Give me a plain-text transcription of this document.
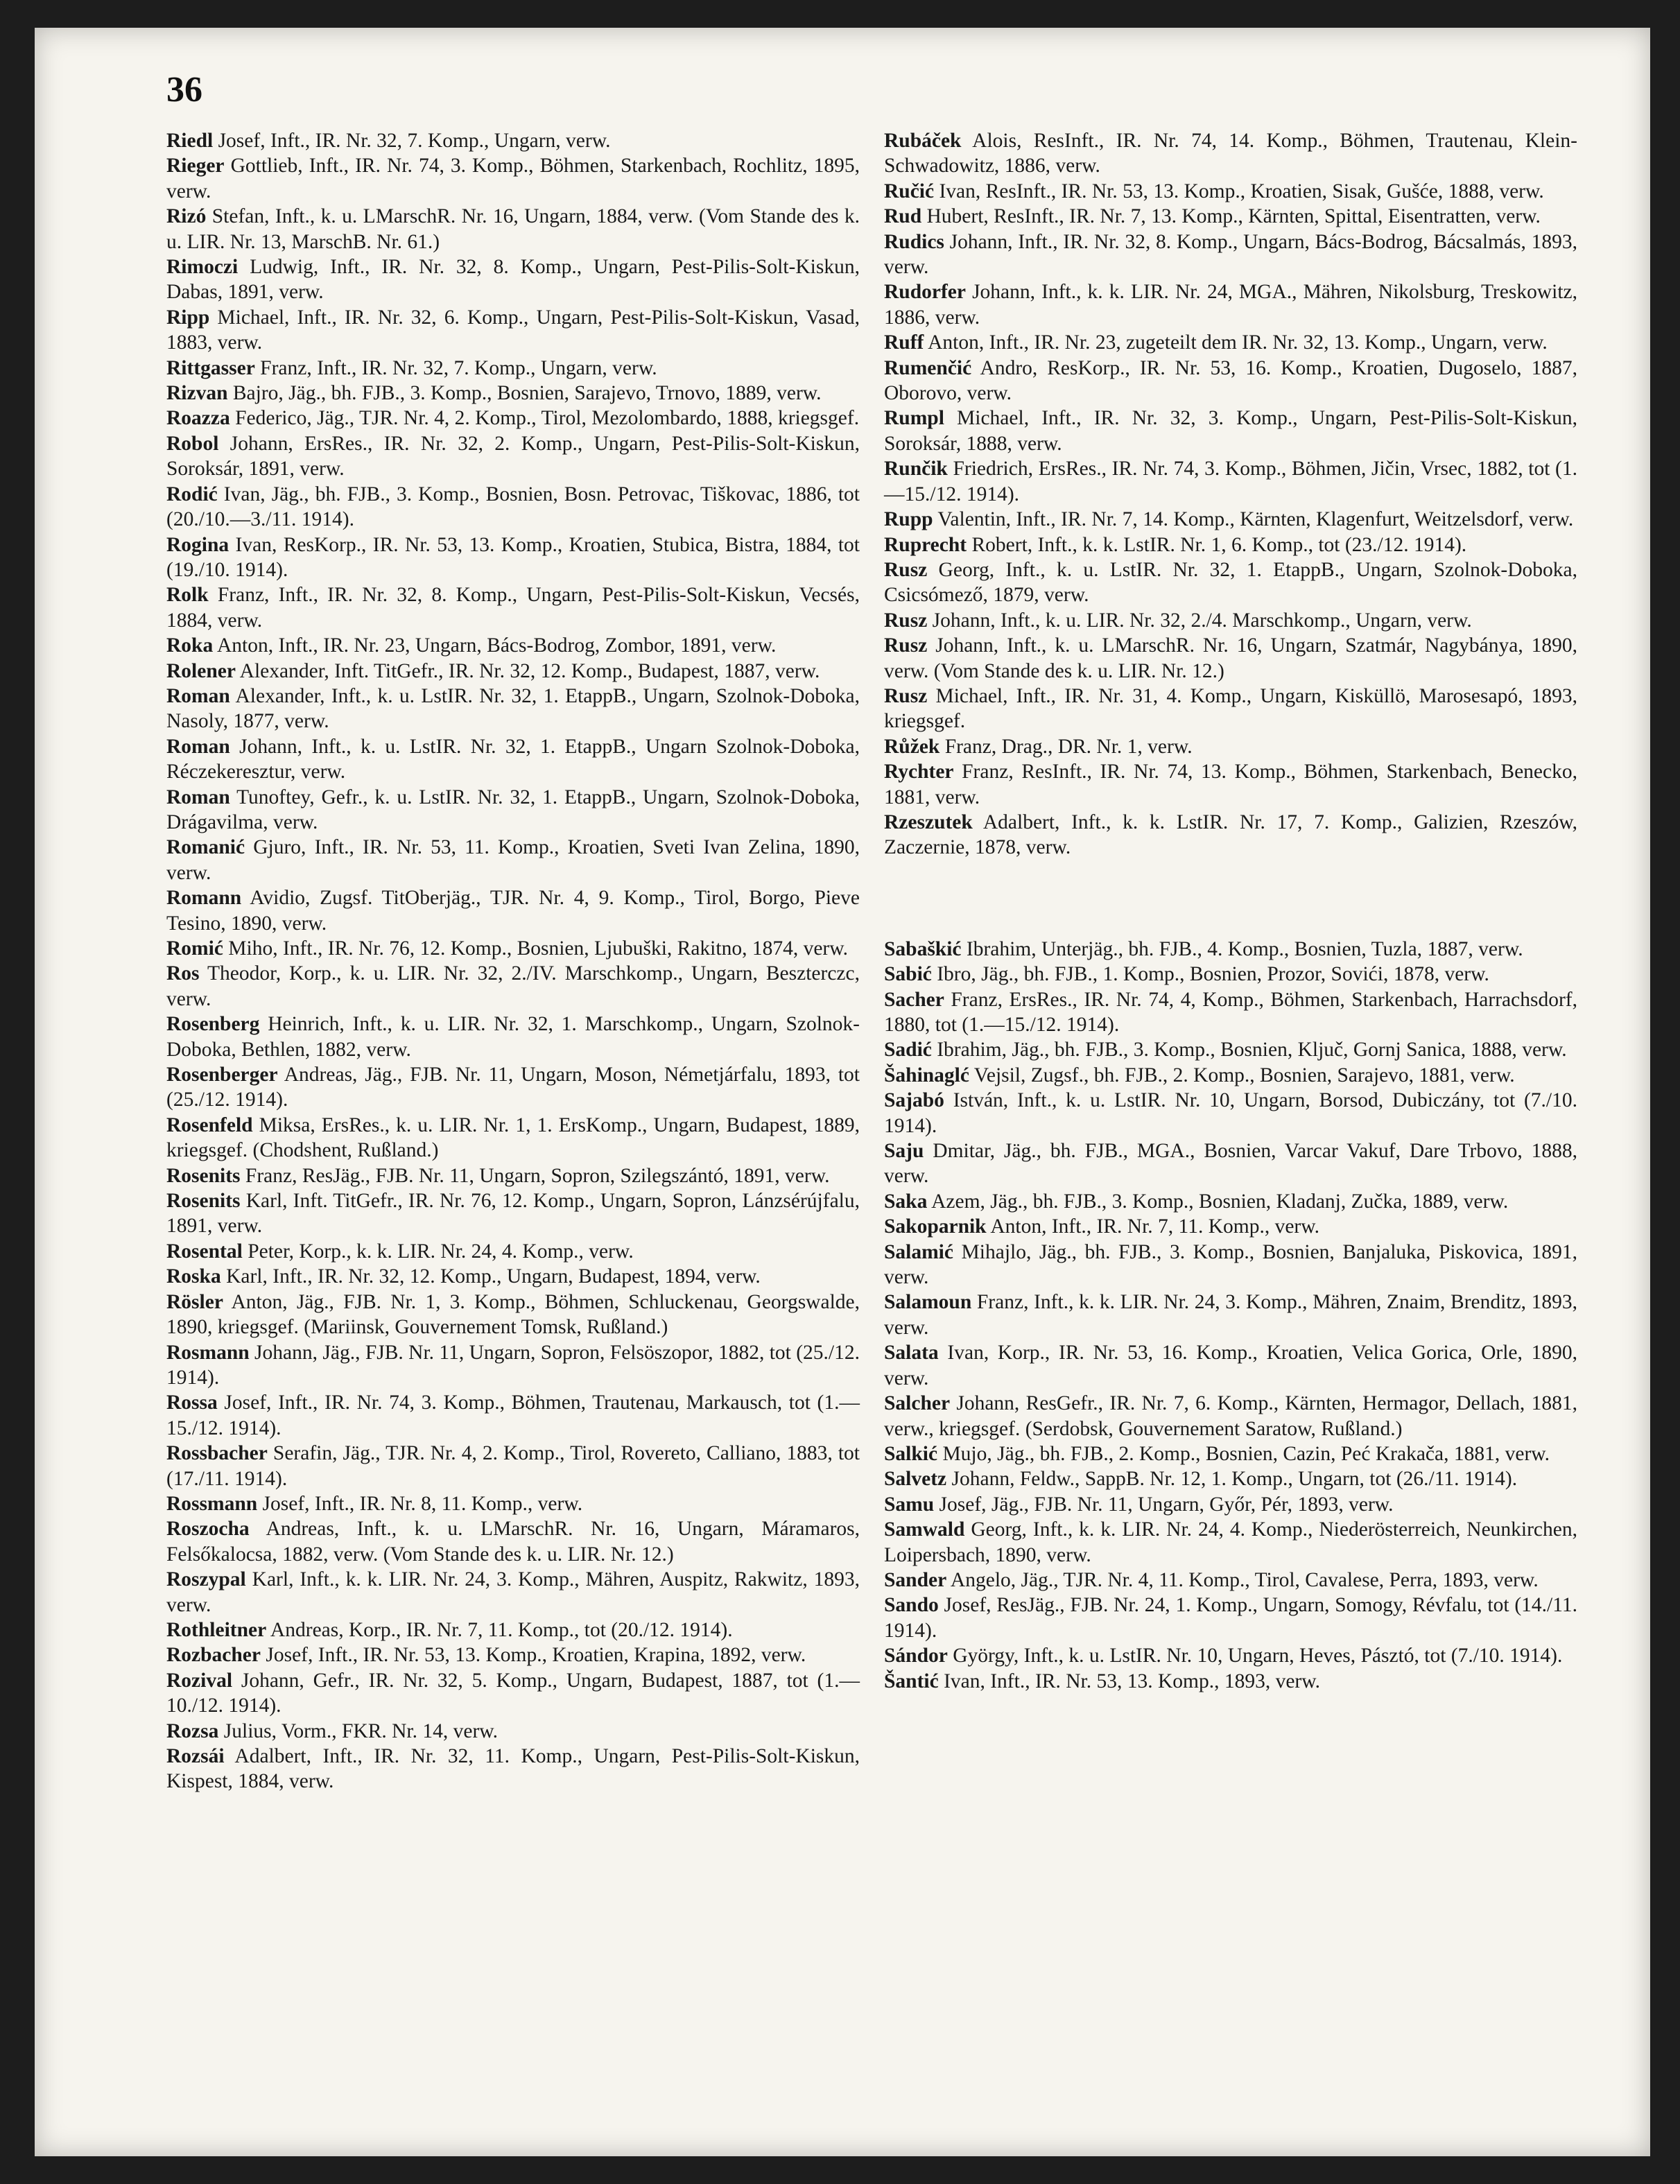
36

Riedl Josef, Inft., IR. Nr. 32, 7. Komp., Ungarn, verw.

Rieger Gottlieb, Inft., IR. Nr. 74, 3. Komp., Böhmen, Starkenbach, Rochlitz, 1895, verw.

Rizó Stefan, Inft., k. u. LMarschR. Nr. 16, Ungarn, 1884, verw. (Vom Stande des k. u. LIR. Nr. 13, MarschB. Nr. 61.)

Rimoczi Ludwig, Inft., IR. Nr. 32, 8. Komp., Ungarn, Pest-Pilis-Solt-Kiskun, Dabas, 1891, verw.

Ripp Michael, Inft., IR. Nr. 32, 6. Komp., Ungarn, Pest-Pilis-Solt-Kiskun, Vasad, 1883, verw.

Rittgasser Franz, Inft., IR. Nr. 32, 7. Komp., Ungarn, verw.

Rizvan Bajro, Jäg., bh. FJB., 3. Komp., Bosnien, Sarajevo, Trnovo, 1889, verw.

Roazza Federico, Jäg., TJR. Nr. 4, 2. Komp., Tirol, Mezolombardo, 1888, kriegsgef.

Robol Johann, ErsRes., IR. Nr. 32, 2. Komp., Ungarn, Pest-Pilis-Solt-Kiskun, Soroksár, 1891, verw.

Rodić Ivan, Jäg., bh. FJB., 3. Komp., Bosnien, Bosn. Petrovac, Tiškovac, 1886, tot (20./10.—3./11. 1914).

Rogina Ivan, ResKorp., IR. Nr. 53, 13. Komp., Kroatien, Stubica, Bistra, 1884, tot (19./10. 1914).

Rolk Franz, Inft., IR. Nr. 32, 8. Komp., Ungarn, Pest-Pilis-Solt-Kiskun, Vecsés, 1884, verw.

Roka Anton, Inft., IR. Nr. 23, Ungarn, Bács-Bodrog, Zombor, 1891, verw.

Rolener Alexander, Inft. TitGefr., IR. Nr. 32, 12. Komp., Budapest, 1887, verw.

Roman Alexander, Inft., k. u. LstIR. Nr. 32, 1. EtappB., Ungarn, Szolnok-Doboka, Nasoly, 1877, verw.

Roman Johann, Inft., k. u. LstIR. Nr. 32, 1. EtappB., Ungarn Szolnok-Doboka, Réczekeresztur, verw.

Roman Tunoftey, Gefr., k. u. LstIR. Nr. 32, 1. EtappB., Ungarn, Szolnok-Doboka, Drágavilma, verw.

Romanić Gjuro, Inft., IR. Nr. 53, 11. Komp., Kroatien, Sveti Ivan Zelina, 1890, verw.

Romann Avidio, Zugsf. TitOberjäg., TJR. Nr. 4, 9. Komp., Tirol, Borgo, Pieve Tesino, 1890, verw.

Romić Miho, Inft., IR. Nr. 76, 12. Komp., Bosnien, Ljubuški, Rakitno, 1874, verw.

Ros Theodor, Korp., k. u. LIR. Nr. 32, 2./IV. Marschkomp., Ungarn, Beszterczc, verw.

Rosenberg Heinrich, Inft., k. u. LIR. Nr. 32, 1. Marschkomp., Ungarn, Szolnok-Doboka, Bethlen, 1882, verw.

Rosenberger Andreas, Jäg., FJB. Nr. 11, Ungarn, Moson, Németjárfalu, 1893, tot (25./12. 1914).

Rosenfeld Miksa, ErsRes., k. u. LIR. Nr. 1, 1. ErsKomp., Ungarn, Budapest, 1889, kriegsgef. (Chodshent, Rußland.)

Rosenits Franz, ResJäg., FJB. Nr. 11, Ungarn, Sopron, Szilegszántó, 1891, verw.

Rosenits Karl, Inft. TitGefr., IR. Nr. 76, 12. Komp., Ungarn, Sopron, Lánzsérújfalu, 1891, verw.

Rosental Peter, Korp., k. k. LIR. Nr. 24, 4. Komp., verw.

Roska Karl, Inft., IR. Nr. 32, 12. Komp., Ungarn, Budapest, 1894, verw.

Rösler Anton, Jäg., FJB. Nr. 1, 3. Komp., Böhmen, Schluckenau, Georgswalde, 1890, kriegsgef. (Mariinsk, Gouvernement Tomsk, Rußland.)

Rosmann Johann, Jäg., FJB. Nr. 11, Ungarn, Sopron, Felsöszopor, 1882, tot (25./12. 1914).

Rossa Josef, Inft., IR. Nr. 74, 3. Komp., Böhmen, Trautenau, Markausch, tot (1.—15./12. 1914).

Rossbacher Serafin, Jäg., TJR. Nr. 4, 2. Komp., Tirol, Rovereto, Calliano, 1883, tot (17./11. 1914).

Rossmann Josef, Inft., IR. Nr. 8, 11. Komp., verw.

Roszocha Andreas, Inft., k. u. LMarschR. Nr. 16, Ungarn, Máramaros, Felsőkalocsa, 1882, verw. (Vom Stande des k. u. LIR. Nr. 12.)

Roszypal Karl, Inft., k. k. LIR. Nr. 24, 3. Komp., Mähren, Auspitz, Rakwitz, 1893, verw.

Rothleitner Andreas, Korp., IR. Nr. 7, 11. Komp., tot (20./12. 1914).

Rozbacher Josef, Inft., IR. Nr. 53, 13. Komp., Kroatien, Krapina, 1892, verw.

Rozival Johann, Gefr., IR. Nr. 32, 5. Komp., Ungarn, Budapest, 1887, tot (1.—10./12. 1914).

Rozsa Julius, Vorm., FKR. Nr. 14, verw.

Rozsái Adalbert, Inft., IR. Nr. 32, 11. Komp., Ungarn, Pest-Pilis-Solt-Kiskun, Kispest, 1884, verw.

Rubáček Alois, ResInft., IR. Nr. 74, 14. Komp., Böhmen, Trautenau, Klein-Schwadowitz, 1886, verw.

Ručić Ivan, ResInft., IR. Nr. 53, 13. Komp., Kroatien, Sisak, Gušće, 1888, verw.

Rud Hubert, ResInft., IR. Nr. 7, 13. Komp., Kärnten, Spittal, Eisentratten, verw.

Rudics Johann, Inft., IR. Nr. 32, 8. Komp., Ungarn, Bács-Bodrog, Bácsalmás, 1893, verw.

Rudorfer Johann, Inft., k. k. LIR. Nr. 24, MGA., Mähren, Nikolsburg, Treskowitz, 1886, verw.

Ruff Anton, Inft., IR. Nr. 23, zugeteilt dem IR. Nr. 32, 13. Komp., Ungarn, verw.

Rumenčić Andro, ResKorp., IR. Nr. 53, 16. Komp., Kroatien, Dugoselo, 1887, Oborovo, verw.

Rumpl Michael, Inft., IR. Nr. 32, 3. Komp., Ungarn, Pest-Pilis-Solt-Kiskun, Soroksár, 1888, verw.

Runčik Friedrich, ErsRes., IR. Nr. 74, 3. Komp., Böhmen, Jičin, Vrsec, 1882, tot (1.—15./12. 1914).

Rupp Valentin, Inft., IR. Nr. 7, 14. Komp., Kärnten, Klagenfurt, Weitzelsdorf, verw.

Ruprecht Robert, Inft., k. k. LstIR. Nr. 1, 6. Komp., tot (23./12. 1914).

Rusz Georg, Inft., k. u. LstIR. Nr. 32, 1. EtappB., Ungarn, Szolnok-Doboka, Csicsómező, 1879, verw.

Rusz Johann, Inft., k. u. LIR. Nr. 32, 2./4. Marschkomp., Ungarn, verw.

Rusz Johann, Inft., k. u. LMarschR. Nr. 16, Ungarn, Szatmár, Nagybánya, 1890, verw. (Vom Stande des k. u. LIR. Nr. 12.)

Rusz Michael, Inft., IR. Nr. 31, 4. Komp., Ungarn, Kisküllö, Marosesapó, 1893, kriegsgef.

Růžek Franz, Drag., DR. Nr. 1, verw.

Rychter Franz, ResInft., IR. Nr. 74, 13. Komp., Böhmen, Starkenbach, Benecko, 1881, verw.

Rzeszutek Adalbert, Inft., k. k. LstIR. Nr. 17, 7. Komp., Galizien, Rzeszów, Zaczernie, 1878, verw.

Sabaškić Ibrahim, Unterjäg., bh. FJB., 4. Komp., Bosnien, Tuzla, 1887, verw.

Sabić Ibro, Jäg., bh. FJB., 1. Komp., Bosnien, Prozor, Sovići, 1878, verw.

Sacher Franz, ErsRes., IR. Nr. 74, 4, Komp., Böhmen, Starkenbach, Harrachsdorf, 1880, tot (1.—15./12. 1914).

Sadić Ibrahim, Jäg., bh. FJB., 3. Komp., Bosnien, Ključ, Gornj Sanica, 1888, verw.

Šahinaglć Vejsil, Zugsf., bh. FJB., 2. Komp., Bosnien, Sarajevo, 1881, verw.

Sajabó István, Inft., k. u. LstIR. Nr. 10, Ungarn, Borsod, Dubiczány, tot (7./10. 1914).

Saju Dmitar, Jäg., bh. FJB., MGA., Bosnien, Varcar Vakuf, Dare Trbovo, 1888, verw.

Saka Azem, Jäg., bh. FJB., 3. Komp., Bosnien, Kladanj, Zučka, 1889, verw.

Sakoparnik Anton, Inft., IR. Nr. 7, 11. Komp., verw.

Salamić Mihajlo, Jäg., bh. FJB., 3. Komp., Bosnien, Banjaluka, Piskovica, 1891, verw.

Salamoun Franz, Inft., k. k. LIR. Nr. 24, 3. Komp., Mähren, Znaim, Brenditz, 1893, verw.

Salata Ivan, Korp., IR. Nr. 53, 16. Komp., Kroatien, Velica Gorica, Orle, 1890, verw.

Salcher Johann, ResGefr., IR. Nr. 7, 6. Komp., Kärnten, Hermagor, Dellach, 1881, verw., kriegsgef. (Serdobsk, Gouvernement Saratow, Rußland.)

Salkić Mujo, Jäg., bh. FJB., 2. Komp., Bosnien, Cazin, Peć Krakača, 1881, verw.

Salvetz Johann, Feldw., SappB. Nr. 12, 1. Komp., Ungarn, tot (26./11. 1914).

Samu Josef, Jäg., FJB. Nr. 11, Ungarn, Győr, Pér, 1893, verw.

Samwald Georg, Inft., k. k. LIR. Nr. 24, 4. Komp., Niederösterreich, Neunkirchen, Loipersbach, 1890, verw.

Sander Angelo, Jäg., TJR. Nr. 4, 11. Komp., Tirol, Cavalese, Perra, 1893, verw.

Sando Josef, ResJäg., FJB. Nr. 24, 1. Komp., Ungarn, Somogy, Révfalu, tot (14./11. 1914).

Sándor György, Inft., k. u. LstIR. Nr. 10, Ungarn, Heves, Pásztó, tot (7./10. 1914).

Šantić Ivan, Inft., IR. Nr. 53, 13. Komp., 1893, verw.
